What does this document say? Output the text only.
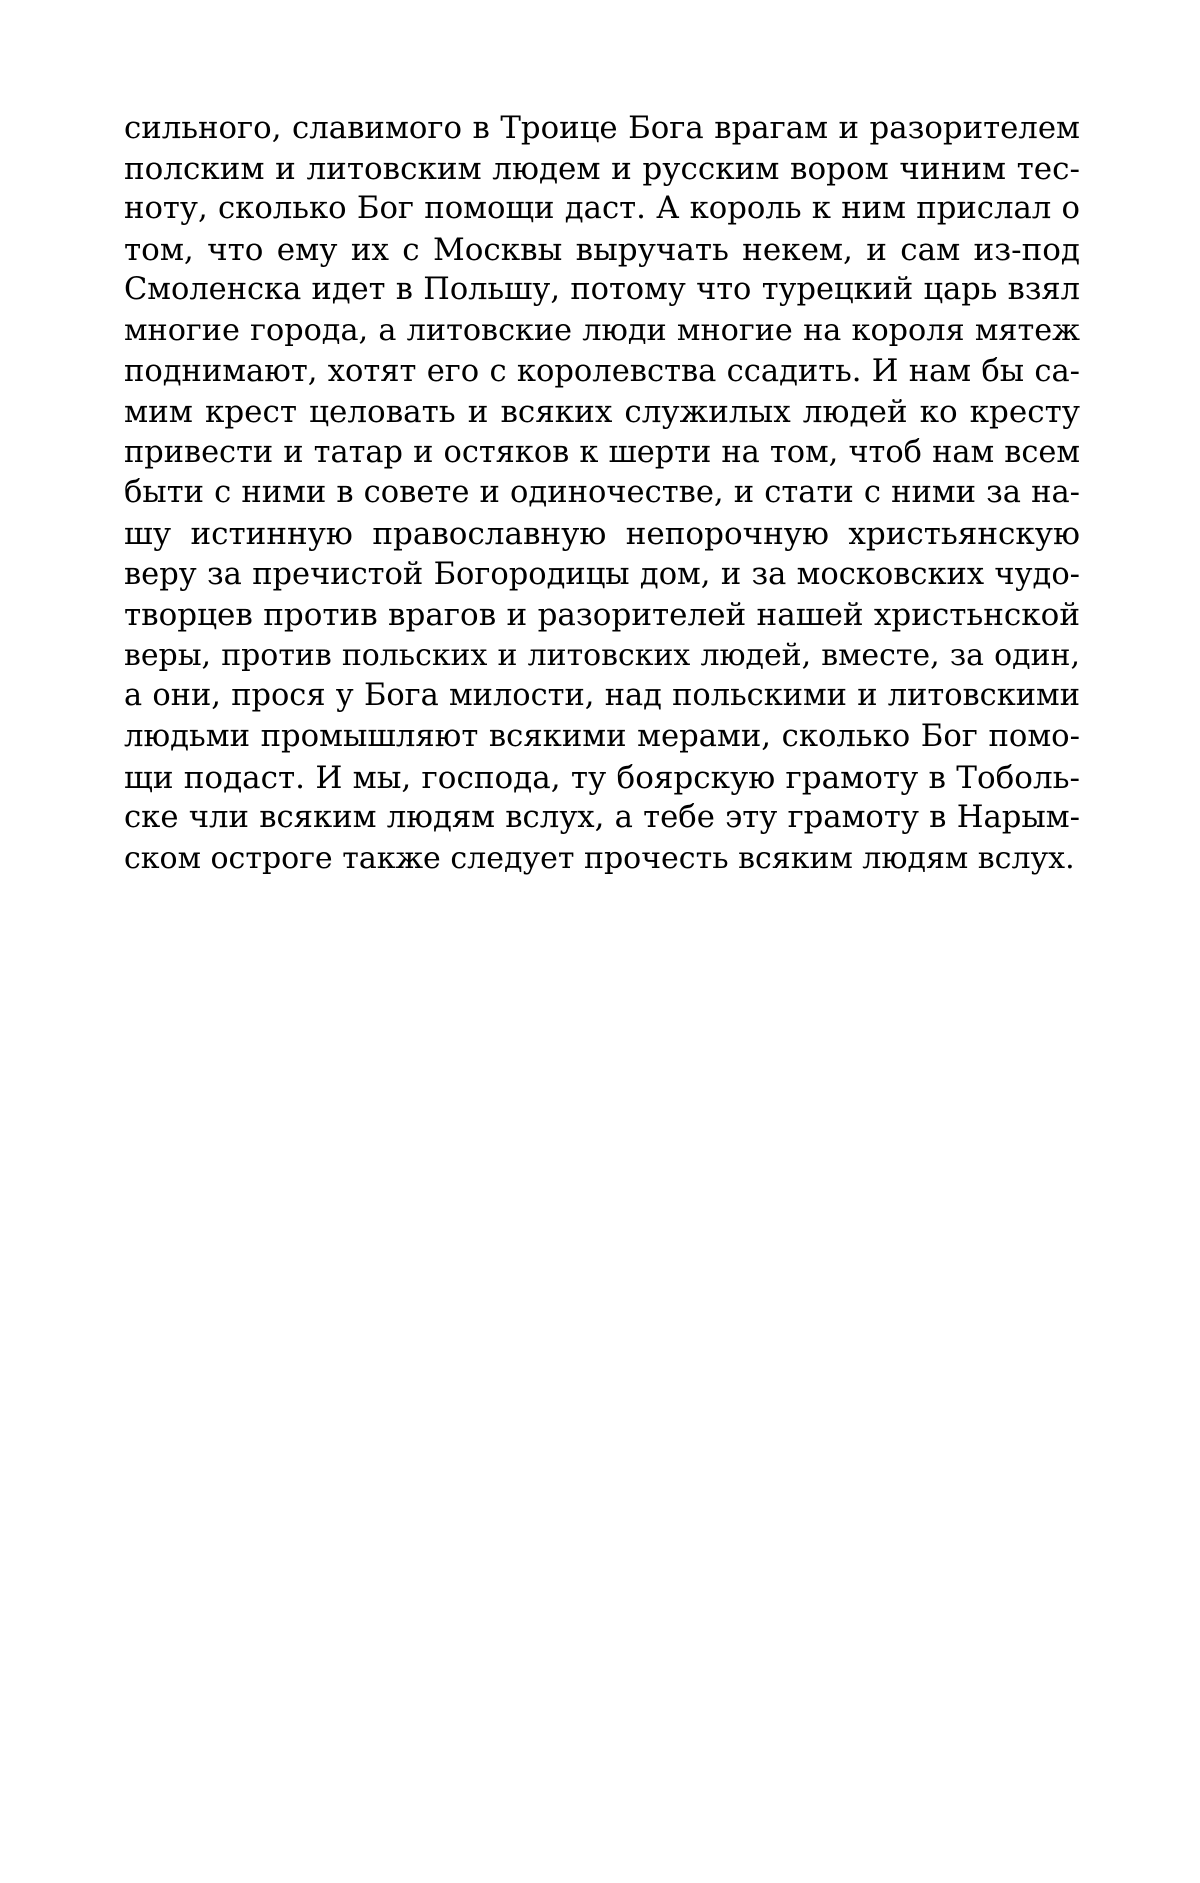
сильного, славимого в Троице Бога врагам и разорителем
полским и литовским людем и русским вором чиним тес-
ноту, сколько Бог помощи даст. А король к ним прислал о
том, что ему их с Москвы выручать некем, и сам из-под
Смоленска идет в Польшу, потому что турецкий царь взял
многие города, а литовские люди многие на короля мятеж
поднимают, хотят его с королевства ссадить. И нам бы са-
мим крест целовать и всяких служилых людей ко кресту
привести и татар и остяков к шерти на том, чтоб нам всем
быти с ними в совете и одиночестве, и стати с ними за на-
шу истинную православную непорочную христьянскую
веру за пречистой Богородицы дом, и за московских чудо-
творцев против врагов и разорителей нашей христьнской
веры, против польских и литовских людей, вместе, за один,
а они, прося у Бога милости, над польскими и литовскими
людьми промышляют всякими мерами, сколько Бог помо-
щи подаст. И мы, господа, ту боярскую грамоту в Тоболь-
ске чли всяким людям вслух, а тебе эту грамоту в Нарым-
ском остроге также следует прочесть всяким людям вслух.
